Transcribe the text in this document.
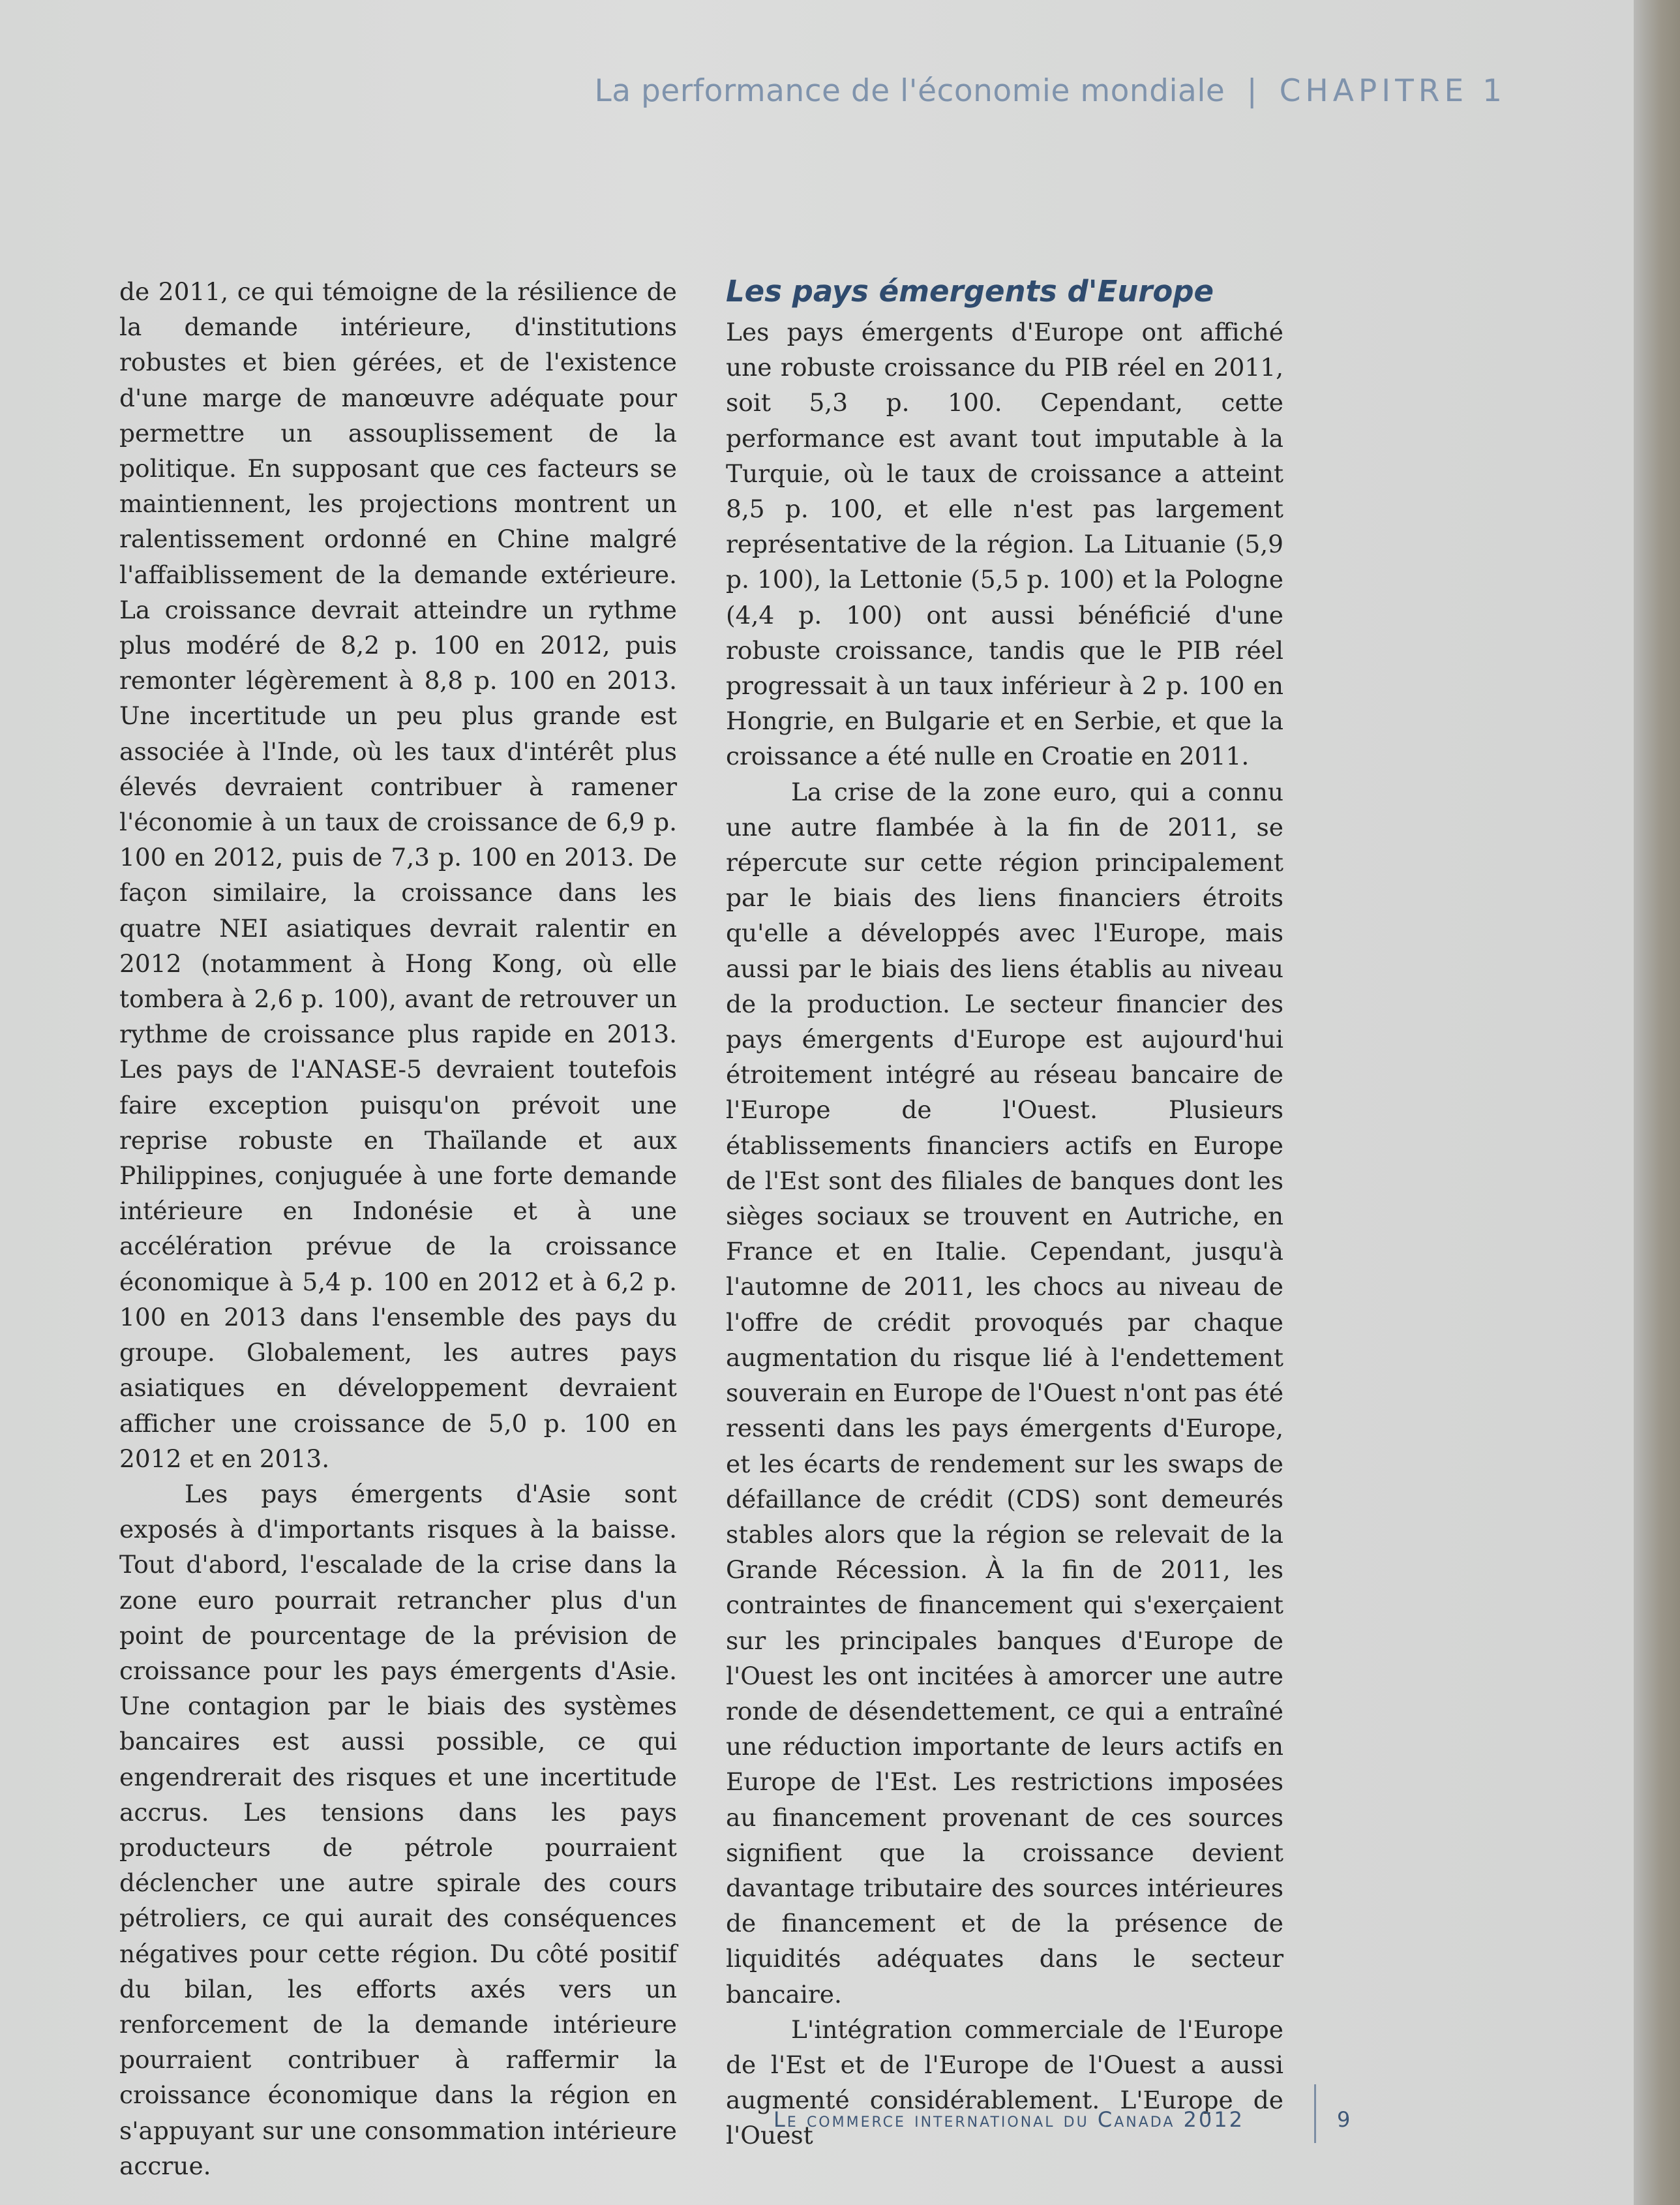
La performance de l'économie mondiale | CHAPITRE 1

de 2011, ce qui témoigne de la résilience de la demande intérieure, d'institutions robustes et bien gérées, et de l'existence d'une marge de manœuvre adéquate pour permettre un assouplissement de la politique. En supposant que ces facteurs se maintiennent, les projections montrent un ralentissement ordonné en Chine malgré l'affaiblissement de la demande extérieure. La croissance devrait atteindre un rythme plus modéré de 8,2 p. 100 en 2012, puis remonter légèrement à 8,8 p. 100 en 2013. Une incertitude un peu plus grande est associée à l'Inde, où les taux d'intérêt plus élevés devraient contribuer à ramener l'économie à un taux de croissance de 6,9 p. 100 en 2012, puis de 7,3 p. 100 en 2013. De façon similaire, la croissance dans les quatre NEI asiatiques devrait ralentir en 2012 (notamment à Hong Kong, où elle tombera à 2,6 p. 100), avant de retrouver un rythme de croissance plus rapide en 2013. Les pays de l'ANASE-5 devraient toutefois faire exception puisqu'on prévoit une reprise robuste en Thaïlande et aux Philippines, conjuguée à une forte demande intérieure en Indonésie et à une accélération prévue de la croissance économique à 5,4 p. 100 en 2012 et à 6,2 p. 100 en 2013 dans l'ensemble des pays du groupe. Globalement, les autres pays asiatiques en développement devraient afficher une croissance de 5,0 p. 100 en 2012 et en 2013.

Les pays émergents d'Asie sont exposés à d'importants risques à la baisse. Tout d'abord, l'escalade de la crise dans la zone euro pourrait retrancher plus d'un point de pourcentage de la prévision de croissance pour les pays émergents d'Asie. Une contagion par le biais des systèmes bancaires est aussi possible, ce qui engendrerait des risques et une incertitude accrus. Les tensions dans les pays producteurs de pétrole pourraient déclencher une autre spirale des cours pétroliers, ce qui aurait des conséquences négatives pour cette région. Du côté positif du bilan, les efforts axés vers un renforcement de la demande intérieure pourraient contribuer à raffermir la croissance économique dans la région en s'appuyant sur une consommation intérieure accrue.

Les pays émergents d'Europe

Les pays émergents d'Europe ont affiché une robuste croissance du PIB réel en 2011, soit 5,3 p. 100. Cependant, cette performance est avant tout imputable à la Turquie, où le taux de croissance a atteint 8,5 p. 100, et elle n'est pas largement représentative de la région. La Lituanie (5,9 p. 100), la Lettonie (5,5 p. 100) et la Pologne (4,4 p. 100) ont aussi bénéficié d'une robuste croissance, tandis que le PIB réel progressait à un taux inférieur à 2 p. 100 en Hongrie, en Bulgarie et en Serbie, et que la croissance a été nulle en Croatie en 2011.

La crise de la zone euro, qui a connu une autre flambée à la fin de 2011, se répercute sur cette région principalement par le biais des liens financiers étroits qu'elle a développés avec l'Europe, mais aussi par le biais des liens établis au niveau de la production. Le secteur financier des pays émergents d'Europe est aujourd'hui étroitement intégré au réseau bancaire de l'Europe de l'Ouest. Plusieurs établissements financiers actifs en Europe de l'Est sont des filiales de banques dont les sièges sociaux se trouvent en Autriche, en France et en Italie. Cependant, jusqu'à l'automne de 2011, les chocs au niveau de l'offre de crédit provoqués par chaque augmentation du risque lié à l'endettement souverain en Europe de l'Ouest n'ont pas été ressenti dans les pays émergents d'Europe, et les écarts de rendement sur les swaps de défaillance de crédit (CDS) sont demeurés stables alors que la région se relevait de la Grande Récession. À la fin de 2011, les contraintes de financement qui s'exerçaient sur les principales banques d'Europe de l'Ouest les ont incitées à amorcer une autre ronde de désendettement, ce qui a entraîné une réduction importante de leurs actifs en Europe de l'Est. Les restrictions imposées au financement provenant de ces sources signifient que la croissance devient davantage tributaire des sources intérieures de financement et de la présence de liquidités adéquates dans le secteur bancaire.

L'intégration commerciale de l'Europe de l'Est et de l'Europe de l'Ouest a aussi augmenté considérablement. L'Europe de l'Ouest

Le commerce international du Canada 2012	9
